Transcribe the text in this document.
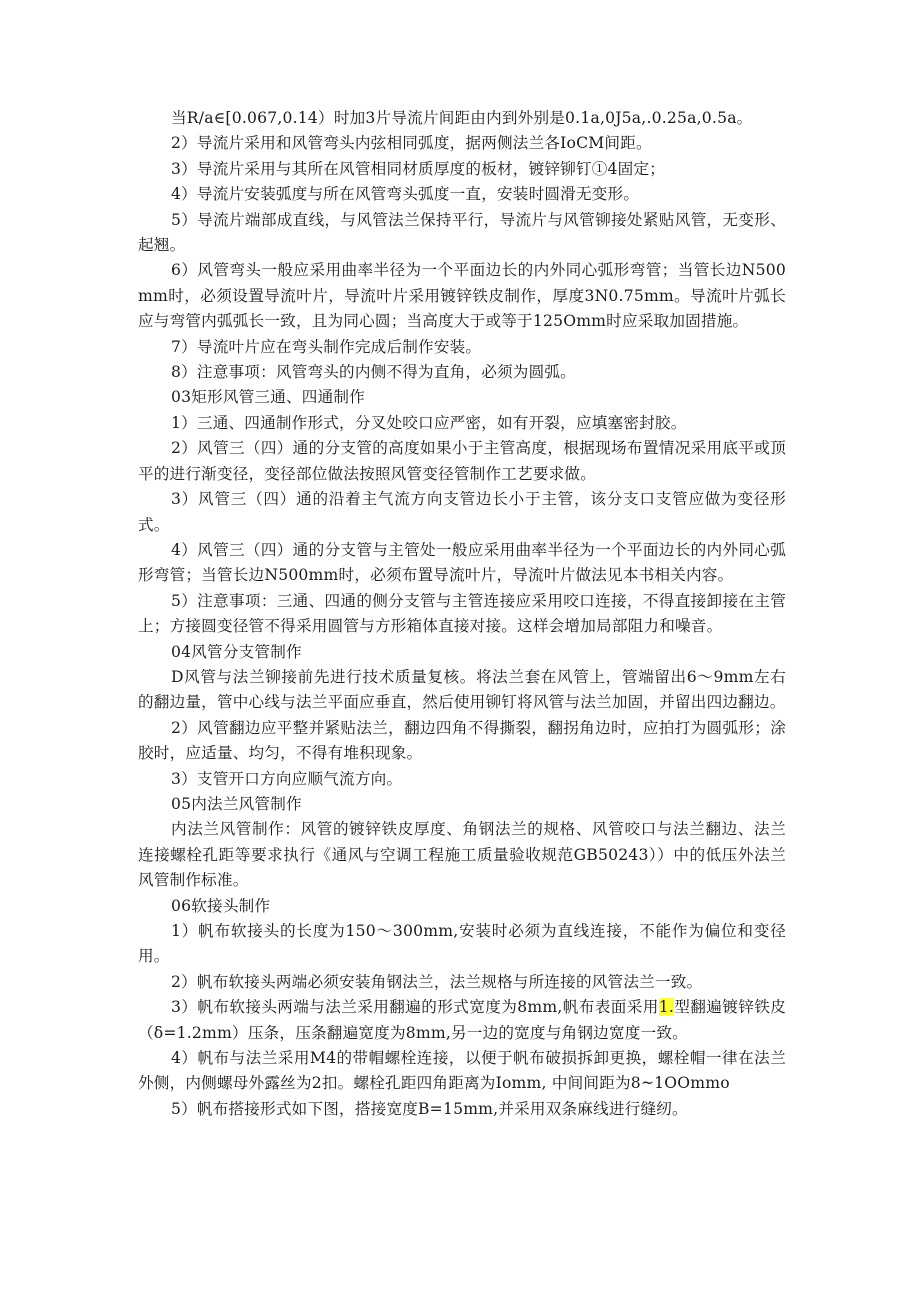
当R/a∈[0.067,0.14）时加3片导流片间距由内到外别是0.1a,0J5a,.0.25a,0.5a。

2）导流片采用和风管弯头内弦相同弧度，据两侧法兰各IoCM间距。

3）导流片采用与其所在风管相同材质厚度的板材，镀锌铆钉①4固定；

4）导流片安装弧度与所在风管弯头弧度一直，安装时圆滑无变形。

5）导流片端部成直线，与风管法兰保持平行，导流片与风管铆接处紧贴风管，无变形、起翘。

6）风管弯头一般应采用曲率半径为一个平面边长的内外同心弧形弯管；当管长边N500mm时，必须设置导流叶片，导流叶片采用镀锌铁皮制作，厚度3N0.75mm。导流叶片弧长应与弯管内弧弧长一致，且为同心圆；当高度大于或等于125Omm时应采取加固措施。

7）导流叶片应在弯头制作完成后制作安装。

8）注意事项：风管弯头的内侧不得为直角，必须为圆弧。

03矩形风管三通、四通制作

1）三通、四通制作形式，分叉处咬口应严密，如有开裂，应填塞密封胶。

2）风管三（四）通的分支管的高度如果小于主管高度，根据现场布置情况采用底平或顶平的进行渐变径，变径部位做法按照风管变径管制作工艺要求做。

3）风管三（四）通的沿着主气流方向支管边长小于主管，该分支口支管应做为变径形式。

4）风管三（四）通的分支管与主管处一般应采用曲率半径为一个平面边长的内外同心弧形弯管；当管长边N500mm时，必须布置导流叶片，导流叶片做法见本书相关内容。

5）注意事项：三通、四通的侧分支管与主管连接应采用咬口连接，不得直接卸接在主管上；方接圆变径管不得采用圆管与方形箱体直接对接。这样会增加局部阻力和噪音。

04风管分支管制作

D风管与法兰铆接前先进行技术质量复核。将法兰套在风管上，管端留出6～9mm左右的翻边量，管中心线与法兰平面应垂直，然后使用铆钉将风管与法兰加固，并留出四边翻边。

2）风管翻边应平整并紧贴法兰，翻边四角不得撕裂，翻拐角边时，应拍打为圆弧形；涂胶时，应适量、均匀，不得有堆积现象。

3）支管开口方向应顺气流方向。

05内法兰风管制作

内法兰风管制作：风管的镀锌铁皮厚度、角钢法兰的规格、风管咬口与法兰翻边、法兰连接螺栓孔距等要求执行《通风与空调工程施工质量验收规范GB50243））中的低压外法兰风管制作标准。

06软接头制作

1）帆布软接头的长度为150～300mm,安装时必须为直线连接，不能作为偏位和变径用。

2）帆布软接头两端必须安装角钢法兰，法兰规格与所连接的风管法兰一致。

3）帆布软接头两端与法兰采用翻遍的形式宽度为8mm,帆布表面采用1.型翻遍镀锌铁皮（δ=1.2mm）压条，压条翻遍宽度为8mm,另一边的宽度与角钢边宽度一致。

4）帆布与法兰采用M4的带帽螺栓连接，以便于帆布破损拆卸更换，螺栓帽一律在法兰外侧，内侧螺母外露丝为2扣。螺栓孔距四角距离为Iomm, 中间间距为8~1OOmmo

5）帆布搭接形式如下图，搭接宽度B=15mm,并采用双条麻线进行缝纫。
